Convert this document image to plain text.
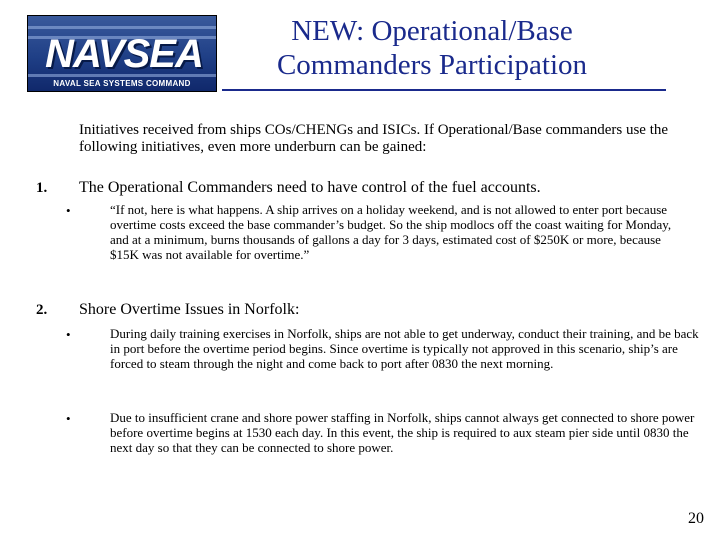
NAVSEA
NAVAL SEA SYSTEMS COMMAND
NEW: Operational/Base
Commanders Participation
Initiatives received from ships COs/CHENGs and ISICs. If Operational/Base commanders use the following initiatives, even more underburn can be gained:
1. The Operational Commanders need to have control of the fuel accounts.
•	“If not, here is what happens. A ship arrives on a holiday weekend, and is not allowed to enter port because overtime costs exceed the base commander’s budget. So the ship modlocs off the coast waiting for Monday, and at a minimum, burns thousands of gallons a day for 3 days, estimated cost of $250K or more, because $15K was not available for overtime.”
2. Shore Overtime Issues in Norfolk:
•	During daily training exercises in Norfolk, ships are not able to get underway, conduct their training, and be back in port before the overtime period begins. Since overtime is typically not approved in this scenario, ship’s are forced to steam through the night and come back to port after 0830 the next morning.
•	Due to insufficient crane and shore power staffing in Norfolk, ships cannot always get connected to shore power before overtime begins at 1530 each day. In this event, the ship is required to aux steam pier side until 0830 the next day so that they can be connected to shore power.
20
